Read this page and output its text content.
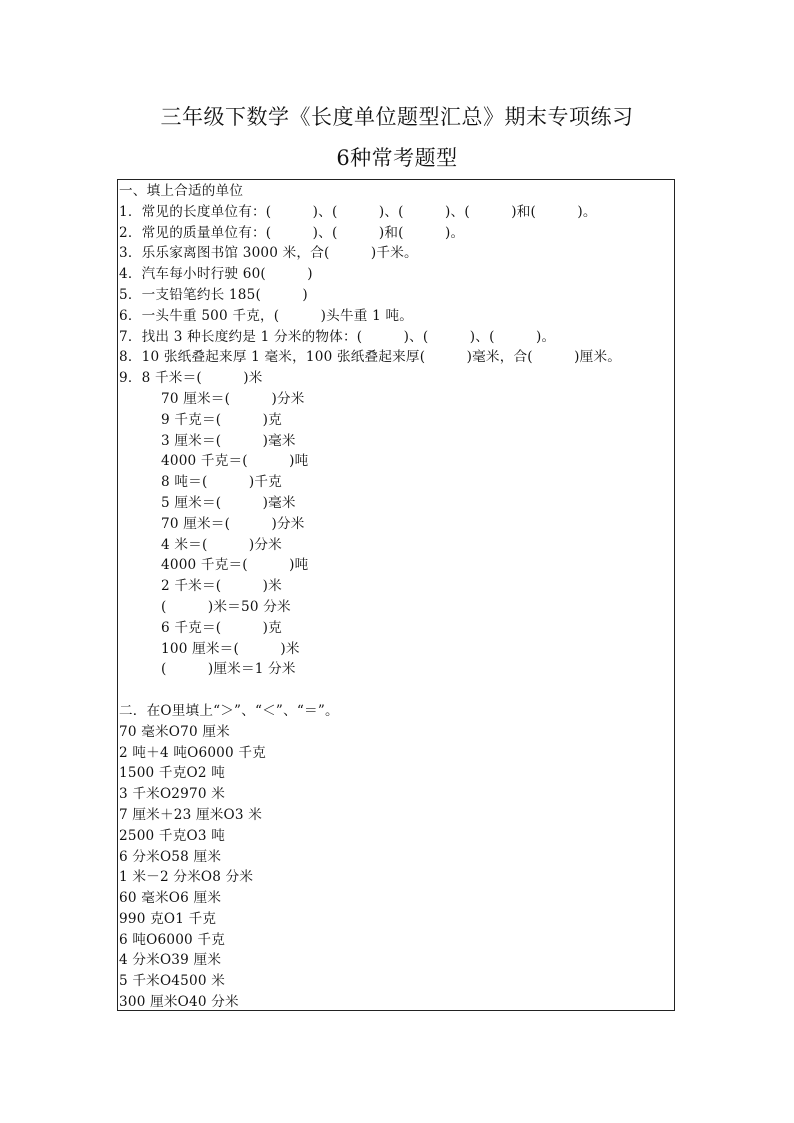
三年级下数学《长度单位题型汇总》期末专项练习
6种常考题型
一、填上合适的单位
1．常见的长度单位有：(　　　)、(　　　)、(　　　)、(　　　)和(　　　)。
2．常见的质量单位有：(　　　)、(　　　)和(　　　)。
3．乐乐家离图书馆 3000 米，合(　　　)千米。
4．汽车每小时行驶 60(　　　)
5．一支铅笔约长 185(　　　)
6．一头牛重 500 千克，(　　　)头牛重 1 吨。
7．找出 3 种长度约是 1 分米的物体：(　　　)、(　　　)、(　　　)。
8．10 张纸叠起来厚 1 毫米，100 张纸叠起来厚(　　　)毫米，合(　　　)厘米。
9．8 千米＝(　　　)米
70 厘米＝(　　　)分米
9 千克＝(　　　)克
3 厘米＝(　　　)毫米
4000 千克＝(　　　)吨
8 吨＝(　　　)千克
5 厘米＝(　　　)毫米
70 厘米＝(　　　)分米
4 米＝(　　　)分米
4000 千克＝(　　　)吨
2 千米＝(　　　)米
(　　　)米＝50 分米
6 千克＝(　　　)克
100 厘米＝(　　　)米
(　　　)厘米＝1 分米
二．在O里填上“＞”、“＜”、“＝”。
70 毫米O70 厘米
2 吨＋4 吨O6000 千克
1500 千克O2 吨
3 千米O2970 米
7 厘米＋23 厘米O3 米
2500 千克O3 吨
6 分米O58 厘米
1 米－2 分米O8 分米
60 毫米O6 厘米
990 克O1 千克
6 吨O6000 千克
4 分米O39 厘米
5 千米O4500 米
300 厘米O40 分米
